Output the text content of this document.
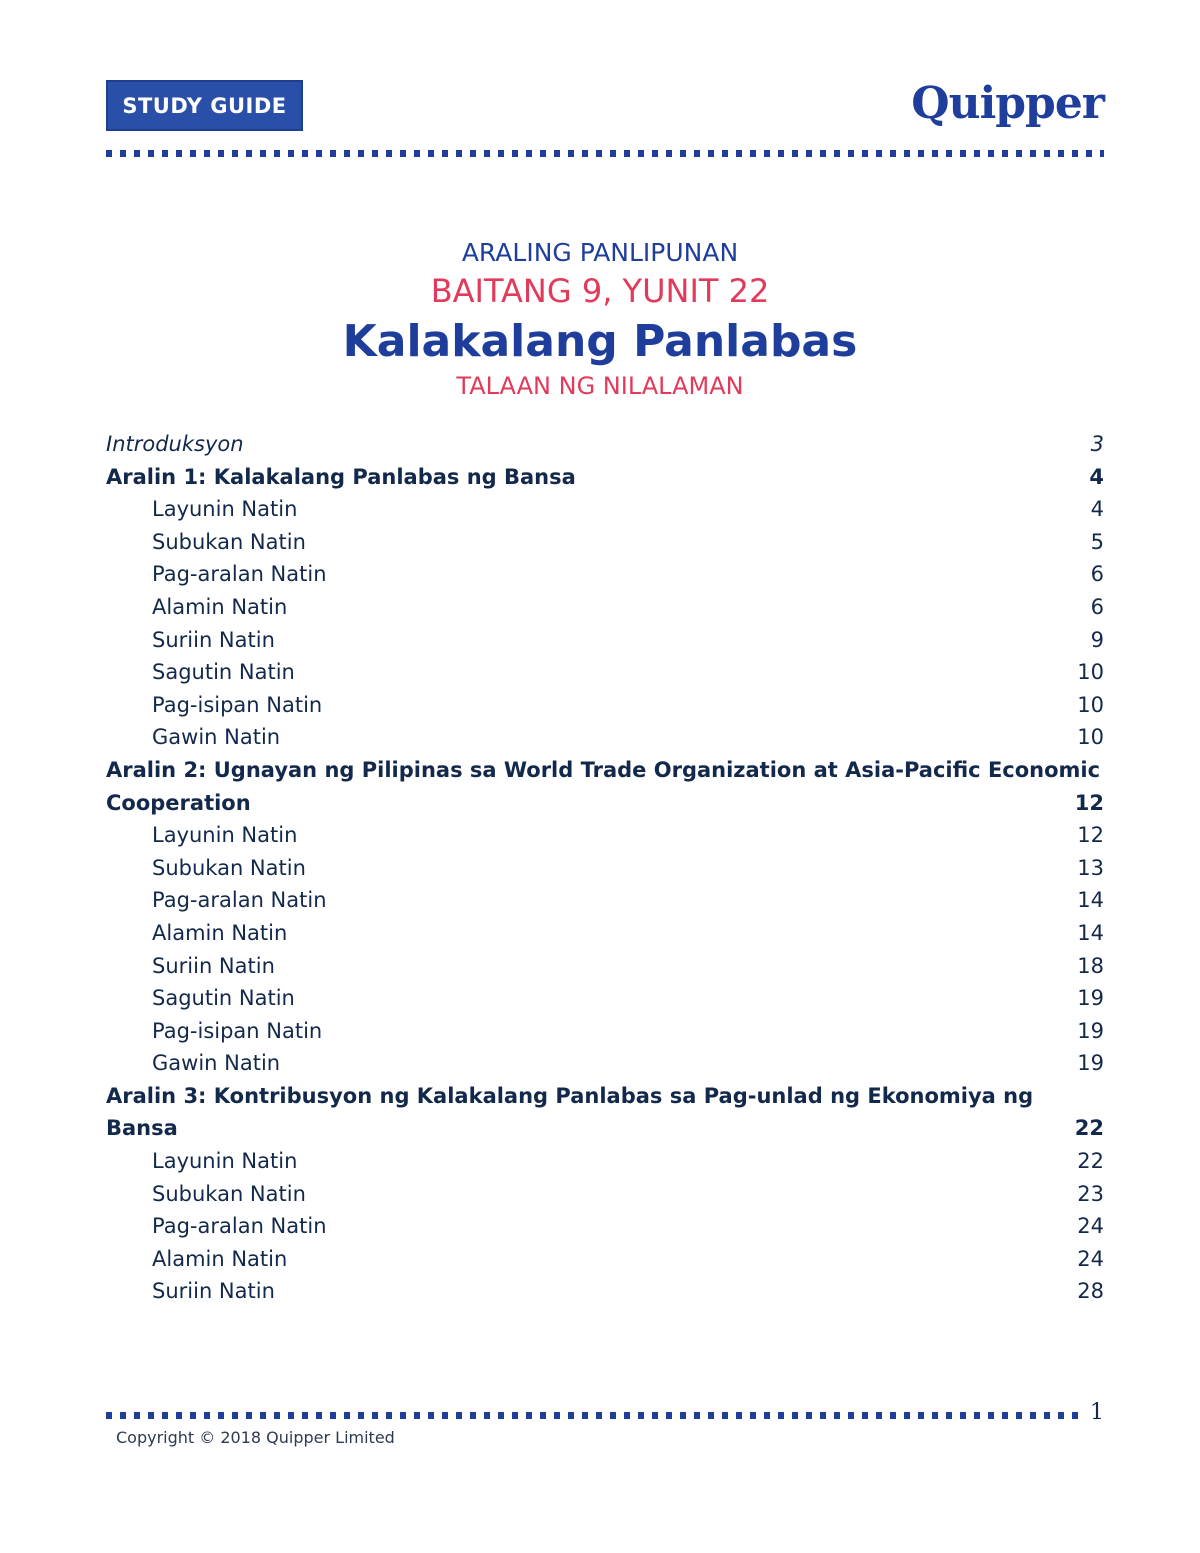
STUDY GUIDE	Quipper
ARALING PANLIPUNAN
BAITANG 9, YUNIT 22
Kalakalang Panlabas
TALAAN NG NILALAMAN
Introduksyon	3
Aralin 1: Kalakalang Panlabas ng Bansa	4
Layunin Natin	4
Subukan Natin	5
Pag-aralan Natin	6
Alamin Natin	6
Suriin Natin	9
Sagutin Natin	10
Pag-isipan Natin	10
Gawin Natin	10
Aralin 2: Ugnayan ng Pilipinas sa World Trade Organization at Asia-Pacific Economic
Cooperation	12
Layunin Natin	12
Subukan Natin	13
Pag-aralan Natin	14
Alamin Natin	14
Suriin Natin	18
Sagutin Natin	19
Pag-isipan Natin	19
Gawin Natin	19
Aralin 3: Kontribusyon ng Kalakalang Panlabas sa Pag-unlad ng Ekonomiya ng
Bansa	22
Layunin Natin	22
Subukan Natin	23
Pag-aralan Natin	24
Alamin Natin	24
Suriin Natin	28
1
Copyright © 2018 Quipper Limited
